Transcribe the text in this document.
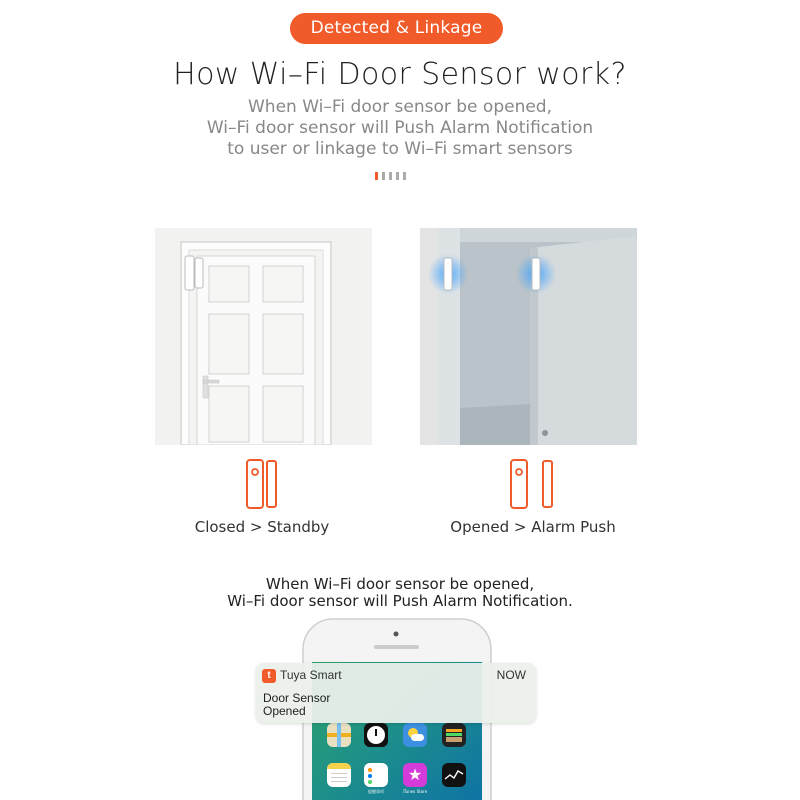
Detected & Linkage
How Wi–Fi Door Sensor work?
When Wi–Fi door sensor be opened,
Wi–Fi door sensor will Push Alarm Notification
to user or linkage to Wi–Fi smart sensors
Closed > Standby	Opened > Alarm Push
When Wi–Fi door sensor be opened,
Wi–Fi door sensor will Push Alarm Notification.
★
提醒事项	iTunes Store
t Tuya Smart	NOW
Door Sensor
Opened
